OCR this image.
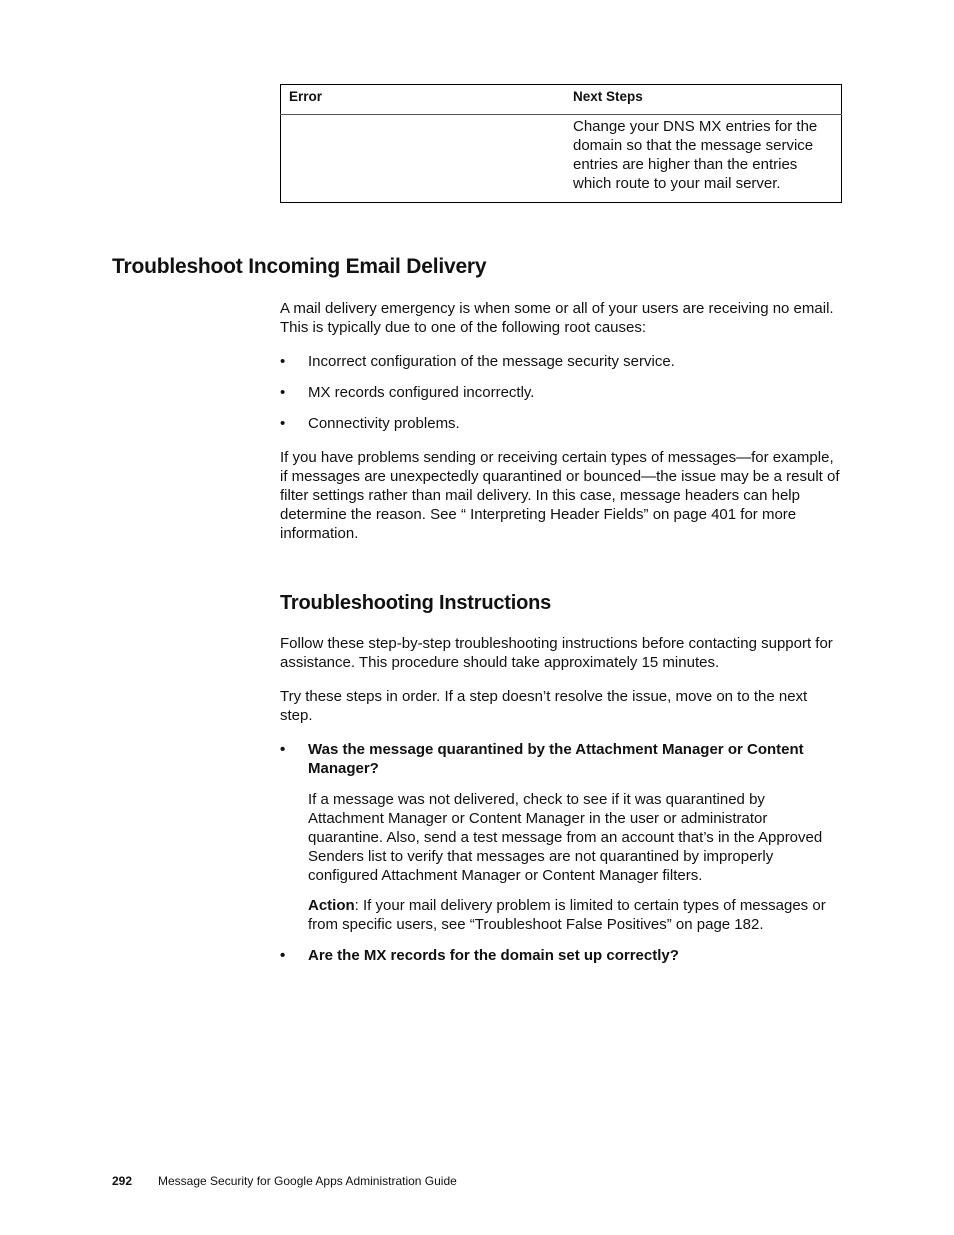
Error	Next Steps
	Change your DNS MX entries for the domain so that the message service entries are higher than the entries which route to your mail server.
Troubleshoot Incoming Email Delivery
A mail delivery emergency is when some or all of your users are receiving no email. This is typically due to one of the following root causes:
• Incorrect configuration of the message security service.
• MX records configured incorrectly.
• Connectivity problems.
If you have problems sending or receiving certain types of messages—for example, if messages are unexpectedly quarantined or bounced—the issue may be a result of filter settings rather than mail delivery. In this case, message headers can help determine the reason. See “ Interpreting Header Fields” on page 401 for more information.
Troubleshooting Instructions
Follow these step-by-step troubleshooting instructions before contacting support for assistance. This procedure should take approximately 15 minutes.
Try these steps in order. If a step doesn’t resolve the issue, move on to the next step.
• Was the message quarantined by the Attachment Manager or Content Manager?
If a message was not delivered, check to see if it was quarantined by Attachment Manager or Content Manager in the user or administrator quarantine. Also, send a test message from an account that’s in the Approved Senders list to verify that messages are not quarantined by improperly configured Attachment Manager or Content Manager filters.
Action: If your mail delivery problem is limited to certain types of messages or from specific users, see “Troubleshoot False Positives” on page 182.
• Are the MX records for the domain set up correctly?
292 Message Security for Google Apps Administration Guide
